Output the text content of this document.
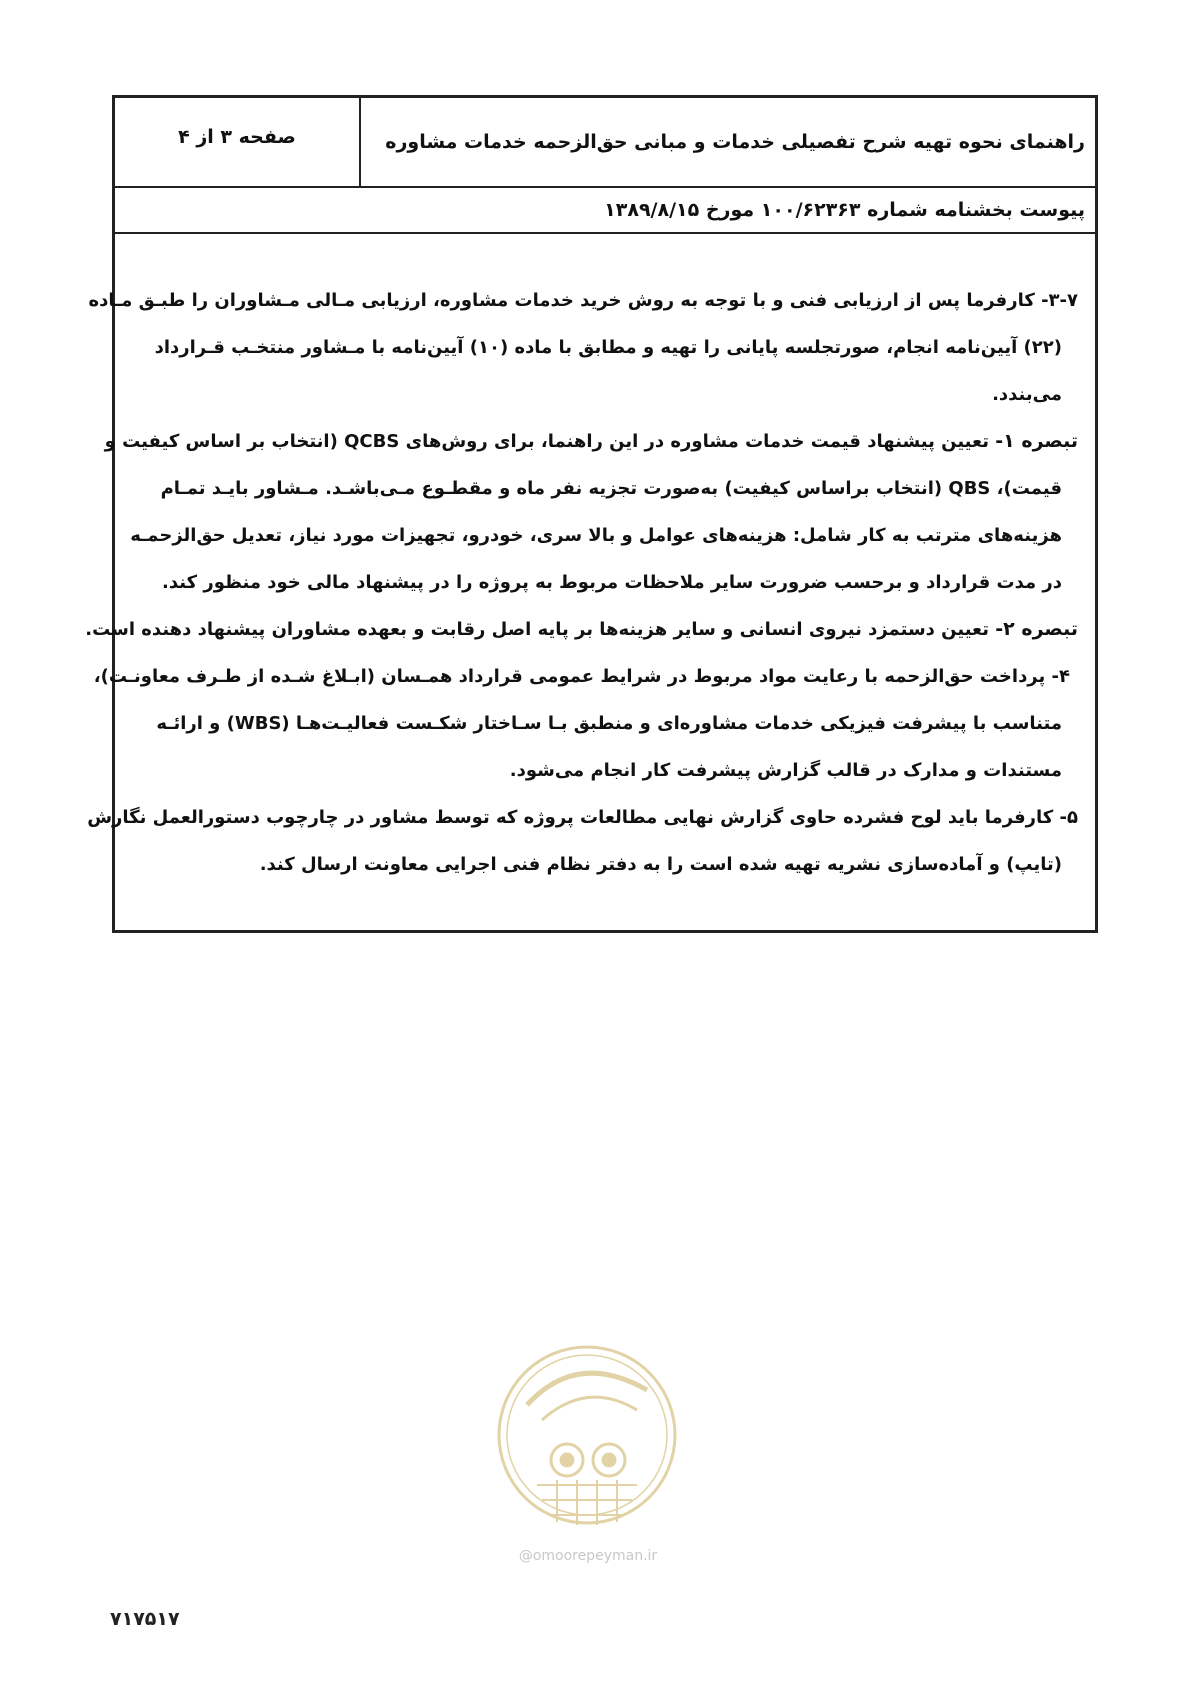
راهنمای نحوه تهیه شرح تفصیلی خدمات و مبانی حق‌الزحمه خدمات مشاوره
صفحه ۳ از ۴
پیوست بخشنامه شماره ۱۰۰/۶۲۳۶۳ مورخ ۱۳۸۹/۸/۱۵

۳-۷- کارفرما پس از ارزیابی فنی و با توجه به روش خرید خدمات مشاوره، ارزیابی مـالی مـشاوران را طبـق مـاده
(۲۲) آیین‌نامه انجام، صورتجلسه پایانی را تهیه و مطابق با ماده (۱۰) آیین‌نامه با مـشاور منتخـب قـرارداد
می‌بندد.

تبصره ۱- تعیین پیشنهاد قیمت خدمات مشاوره در این راهنما، برای روش‌های QCBS (انتخاب بر اساس کیفیت و
قیمت)، QBS (انتخاب براساس کیفیت) به‌صورت تجزیه نفر ماه و مقطـوع مـی‌باشـد. مـشاور بایـد تمـام
هزینه‌های مترتب به کار شامل: هزینه‌های عوامل و بالا سری، خودرو، تجهیزات مورد نیاز، تعدیل حق‌الزحمـه
در مدت قرارداد و برحسب ضرورت سایر ملاحظات مربوط به پروژه را در پیشنهاد مالی خود منظور کند.

تبصره ۲- تعیین دستمزد نیروی انسانی و سایر هزینه‌ها بر پایه اصل رقابت و بعهده مشاوران پیشنهاد دهنده است.

۴- پرداخت حق‌الزحمه با رعایت مواد مربوط در شرایط عمومی قرارداد همـسان (ابـلاغ شـده از طـرف معاونـت)،
متناسب با پیشرفت فیزیکی خدمات مشاوره‌ای و منطبق بـا سـاختار شکـست فعالیـت‌هـا (WBS) و ارائـه
مستندات و مدارک در قالب گزارش پیشرفت کار انجام می‌شود.

۵- کارفرما باید لوح فشرده حاوی گزارش نهایی مطالعات پروژه که توسط مشاور در چارچوب دستورالعمل نگارش
(تایپ) و آماده‌سازی نشریه تهیه شده است را به دفتر نظام فنی اجرایی معاونت ارسال کند.

@omoorepeyman.ir
۷۱۷۵۱۷
